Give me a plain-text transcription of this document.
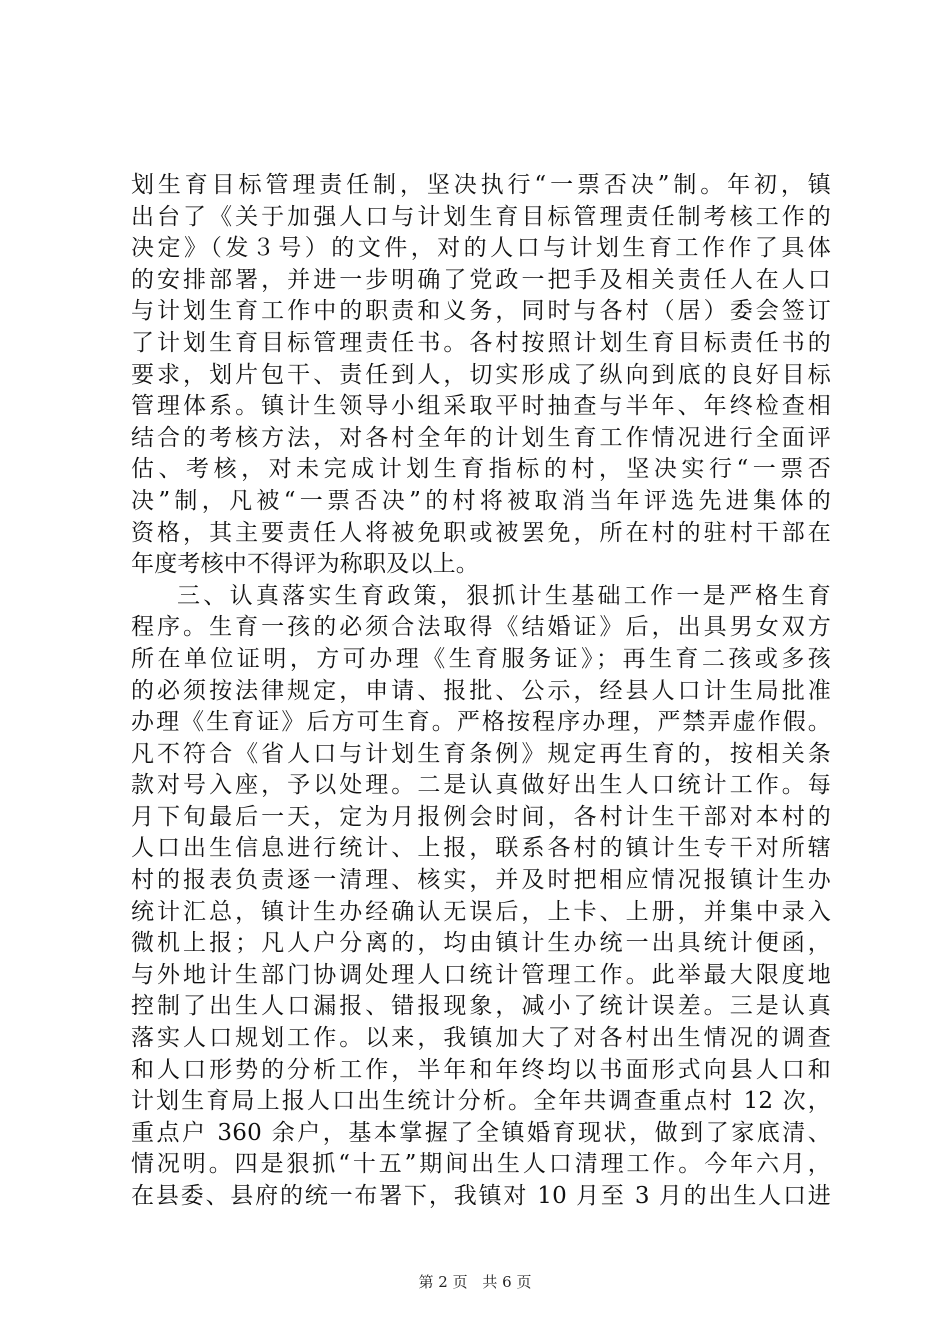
划生育目标管理责任制，坚决执行“一票否决”制。年初，镇
出台了《关于加强人口与计划生育目标管理责任制考核工作的
决定》（发３号）的文件，对的人口与计划生育工作作了具体
的安排部署，并进一步明确了党政一把手及相关责任人在人口
与计划生育工作中的职责和义务，同时与各村（居）委会签订
了计划生育目标管理责任书。各村按照计划生育目标责任书的
要求，划片包干、责任到人，切实形成了纵向到底的良好目标
管理体系。镇计生领导小组采取平时抽查与半年、年终检查相
结合的考核方法，对各村全年的计划生育工作情况进行全面评
估、考核，对未完成计划生育指标的村，坚决实行“一票否
决”制，凡被“一票否决”的村将被取消当年评选先进集体的
资格，其主要责任人将被免职或被罢免，所在村的驻村干部在
年度考核中不得评为称职及以上。
三、认真落实生育政策，狠抓计生基础工作一是严格生育
程序。生育一孩的必须合法取得《结婚证》后，出具男女双方
所在单位证明，方可办理《生育服务证》；再生育二孩或多孩
的必须按法律规定，申请、报批、公示，经县人口计生局批准
办理《生育证》后方可生育。严格按程序办理，严禁弄虚作假。
凡不符合《省人口与计划生育条例》规定再生育的，按相关条
款对号入座，予以处理。二是认真做好出生人口统计工作。每
月下旬最后一天，定为月报例会时间，各村计生干部对本村的
人口出生信息进行统计、上报，联系各村的镇计生专干对所辖
村的报表负责逐一清理、核实，并及时把相应情况报镇计生办
统计汇总，镇计生办经确认无误后，上卡、上册，并集中录入
微机上报；凡人户分离的，均由镇计生办统一出具统计便函，
与外地计生部门协调处理人口统计管理工作。此举最大限度地
控制了出生人口漏报、错报现象，减小了统计误差。三是认真
落实人口规划工作。以来，我镇加大了对各村出生情况的调查
和人口形势的分析工作，半年和年终均以书面形式向县人口和
计划生育局上报人口出生统计分析。全年共调查重点村 12 次，
重点户 360 余户，基本掌握了全镇婚育现状，做到了家底清、
情况明。四是狠抓“十五”期间出生人口清理工作。今年六月，
在县委、县府的统一布署下，我镇对 10 月至 3 月的出生人口进
第 2 页 共 6 页
